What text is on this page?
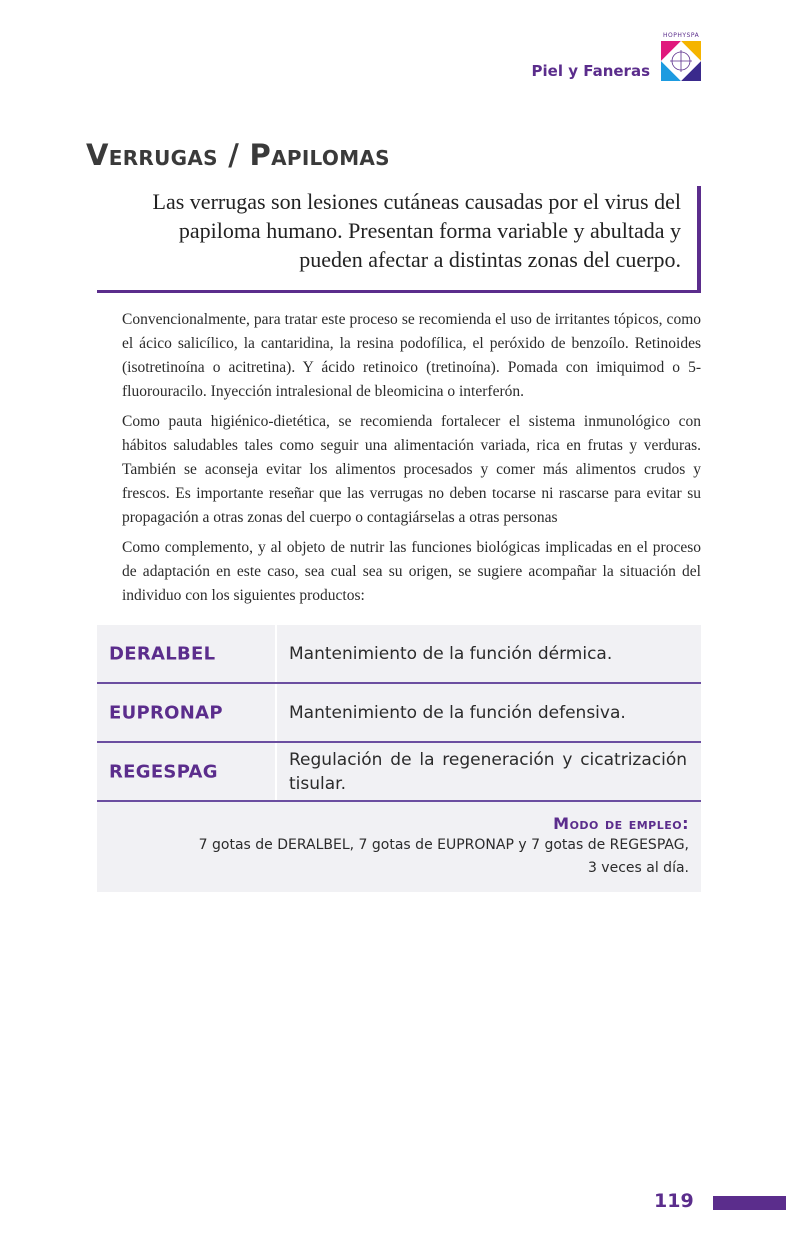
HOPHYSPA
Piel y Faneras
Verrugas / Papilomas

Las verrugas son lesiones cutáneas causadas por el virus del papiloma humano. Presentan forma variable y abultada y pueden afectar a distintas zonas del cuerpo.

Convencionalmente, para tratar este proceso se recomienda el uso de irritantes tópicos, como el ácico salicílico, la cantaridina, la resina podofílica, el peróxido de benzoílo. Retinoides (isotretinoína o acitretina). Y ácido retinoico (tretinoína). Pomada con imiquimod o 5-fluorouracilo. Inyección intralesional de bleomicina o interferón.

Como pauta higiénico-dietética, se recomienda fortalecer el sistema inmunológico con hábitos saludables tales como seguir una alimentación variada, rica en frutas y verduras. También se aconseja evitar los alimentos procesados y comer más alimentos crudos y frescos. Es importante reseñar que las verrugas no deben tocarse ni rascarse para evitar su propagación a otras zonas del cuerpo o contagiárselas a otras personas

Como complemento, y al objeto de nutrir las funciones biológicas implicadas en el proceso de adaptación en este caso, sea cual sea su origen, se sugiere acompañar la situación del individuo con los siguientes productos:

DERALBEL	Mantenimiento de la función dérmica.
EUPRONAP	Mantenimiento de la función defensiva.
REGESPAG
Regulación de la regeneración y cicatrización tisular.
Modo de empleo:
7 gotas de DERALBEL, 7 gotas de EUPRONAP y 7 gotas de REGESPAG,
3 veces al día.
119
